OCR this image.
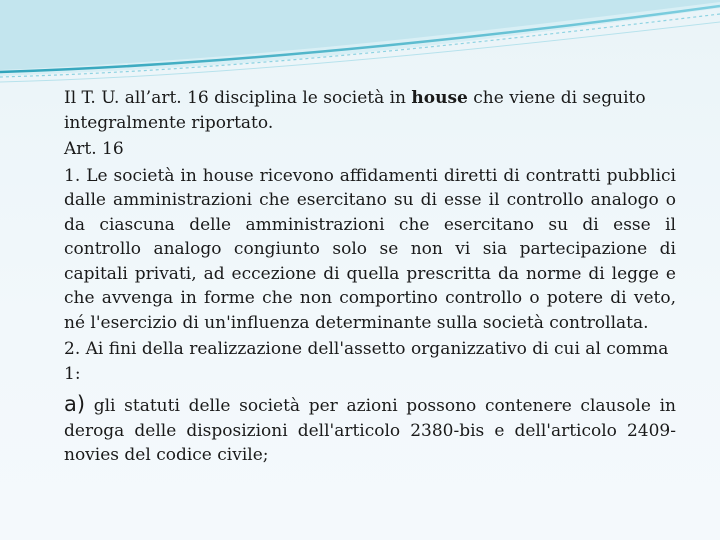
Il T. U. all’art. 16 disciplina le società in house che viene di seguito integralmente riportato.

Art. 16

1. Le società in house ricevono affidamenti diretti di contratti pubblici dalle amministrazioni che esercitano su di esse il controllo analogo o da ciascuna delle amministrazioni che esercitano su di esse il controllo analogo congiunto solo se non vi sia partecipazione di capitali privati, ad eccezione di quella prescritta da norme di legge e che avvenga in forme che non comportino controllo o potere di veto, né l'esercizio di un'influenza determinante sulla società controllata.

2. Ai fini della realizzazione dell'assetto organizzativo di cui al comma 1:

a) gli statuti delle società per azioni possono contenere clausole in deroga delle disposizioni dell'articolo 2380-bis e dell'articolo 2409-novies del codice civile;
